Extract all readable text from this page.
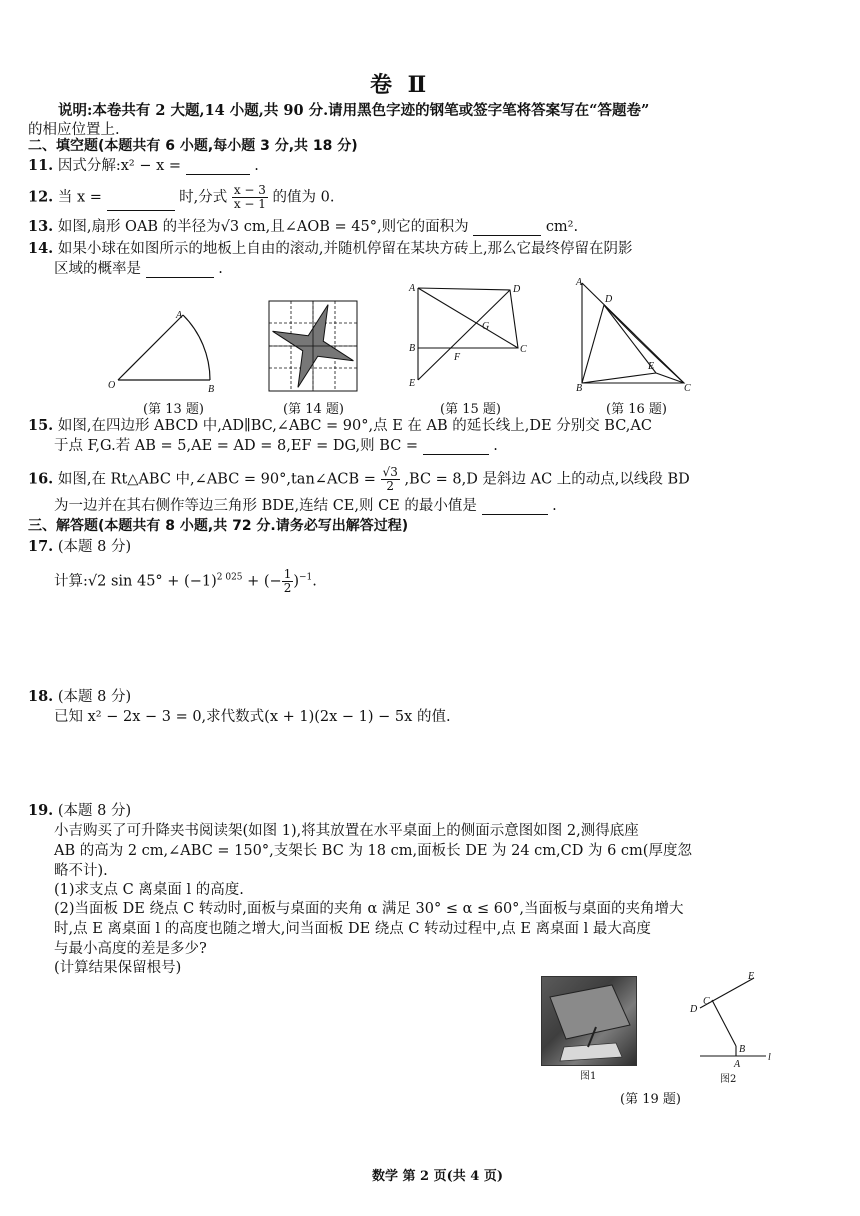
卷 Ⅱ
说明:本卷共有 2 大题,14 小题,共 90 分.请用黑色字迹的钢笔或签字笔将答案写在“答题卷”
的相应位置上.
二、填空题(本题共有 6 小题,每小题 3 分,共 18 分)
11. 因式分解:x² − x =	.
12. 当 x =	时,分式 $\frac{x - 3}{x - 1}$ 的值为 0.
13. 如图,扇形 OAB 的半径为√3 cm,且∠AOB = 45°,则它的面积为	cm².
14. 如果小球在如图所示的地板上自由的滚动,并随机停留在某块方砖上,那么它最终停留在阴影
区域的概率是	.
A
O	B
(第 13 题)	(第 14 题)
A	D
G
B
F
C
E
(第 15 题)
A
D
E
B	C
(第 16 题)
15. 如图,在四边形 ABCD 中,AD∥BC,∠ABC = 90°,点 E 在 AB 的延长线上,DE 分别交 BC,AC
于点 F,G.若 AB = 5,AE = AD = 8,EF = DG,则 BC =	.
16. 如图,在 Rt△ABC 中,∠ABC = 90°,tan∠ACB = $\frac{√3}{2} ,BC = 8,D$ 是斜边 AC 上的动点,以线段 BD
为一边并在其右侧作等边三角形 BDE,连结 CE,则 CE 的最小值是	.
三、解答题(本题共有 8 小题,共 72 分.请务必写出解答过程)
17. (本题 8 分)
计算:√2 $\sin 45^\circ + (-1)^{2 025}$ + (− $\frac{1}{2} )^{-1}$.
18. (本题 8 分)
已知 x² − 2x − 3 = 0,求代数式(x + 1)(2x − 1) − 5x 的值.
19. (本题 8 分)
小吉购买了可升降夹书阅读架(如图 1),将其放置在水平桌面上的侧面示意图如图 2,测得底座
AB 的高为 2 cm,∠ABC = 150°,支架长 BC 为 18 cm,面板长 DE 为 24 cm,CD 为 6 cm(厚度忽
略不计).
(1)求支点 C 离桌面 l 的高度.
(2)当面板 DE 绕点 C 转动时,面板与桌面的夹角 α 满足 30° ≤ α ≤ 60°,当面板与桌面的夹角增大
时,点 E 离桌面 l 的高度也随之增大,问当面板 DE 绕点 C 转动过程中,点 E 离桌面 l 最大高度
与最小高度的差是多少?
(计算结果保留根号)
图1
E
C
D
B
A
l
图2
(第 19 题)
数学 第 2 页(共 4 页)
